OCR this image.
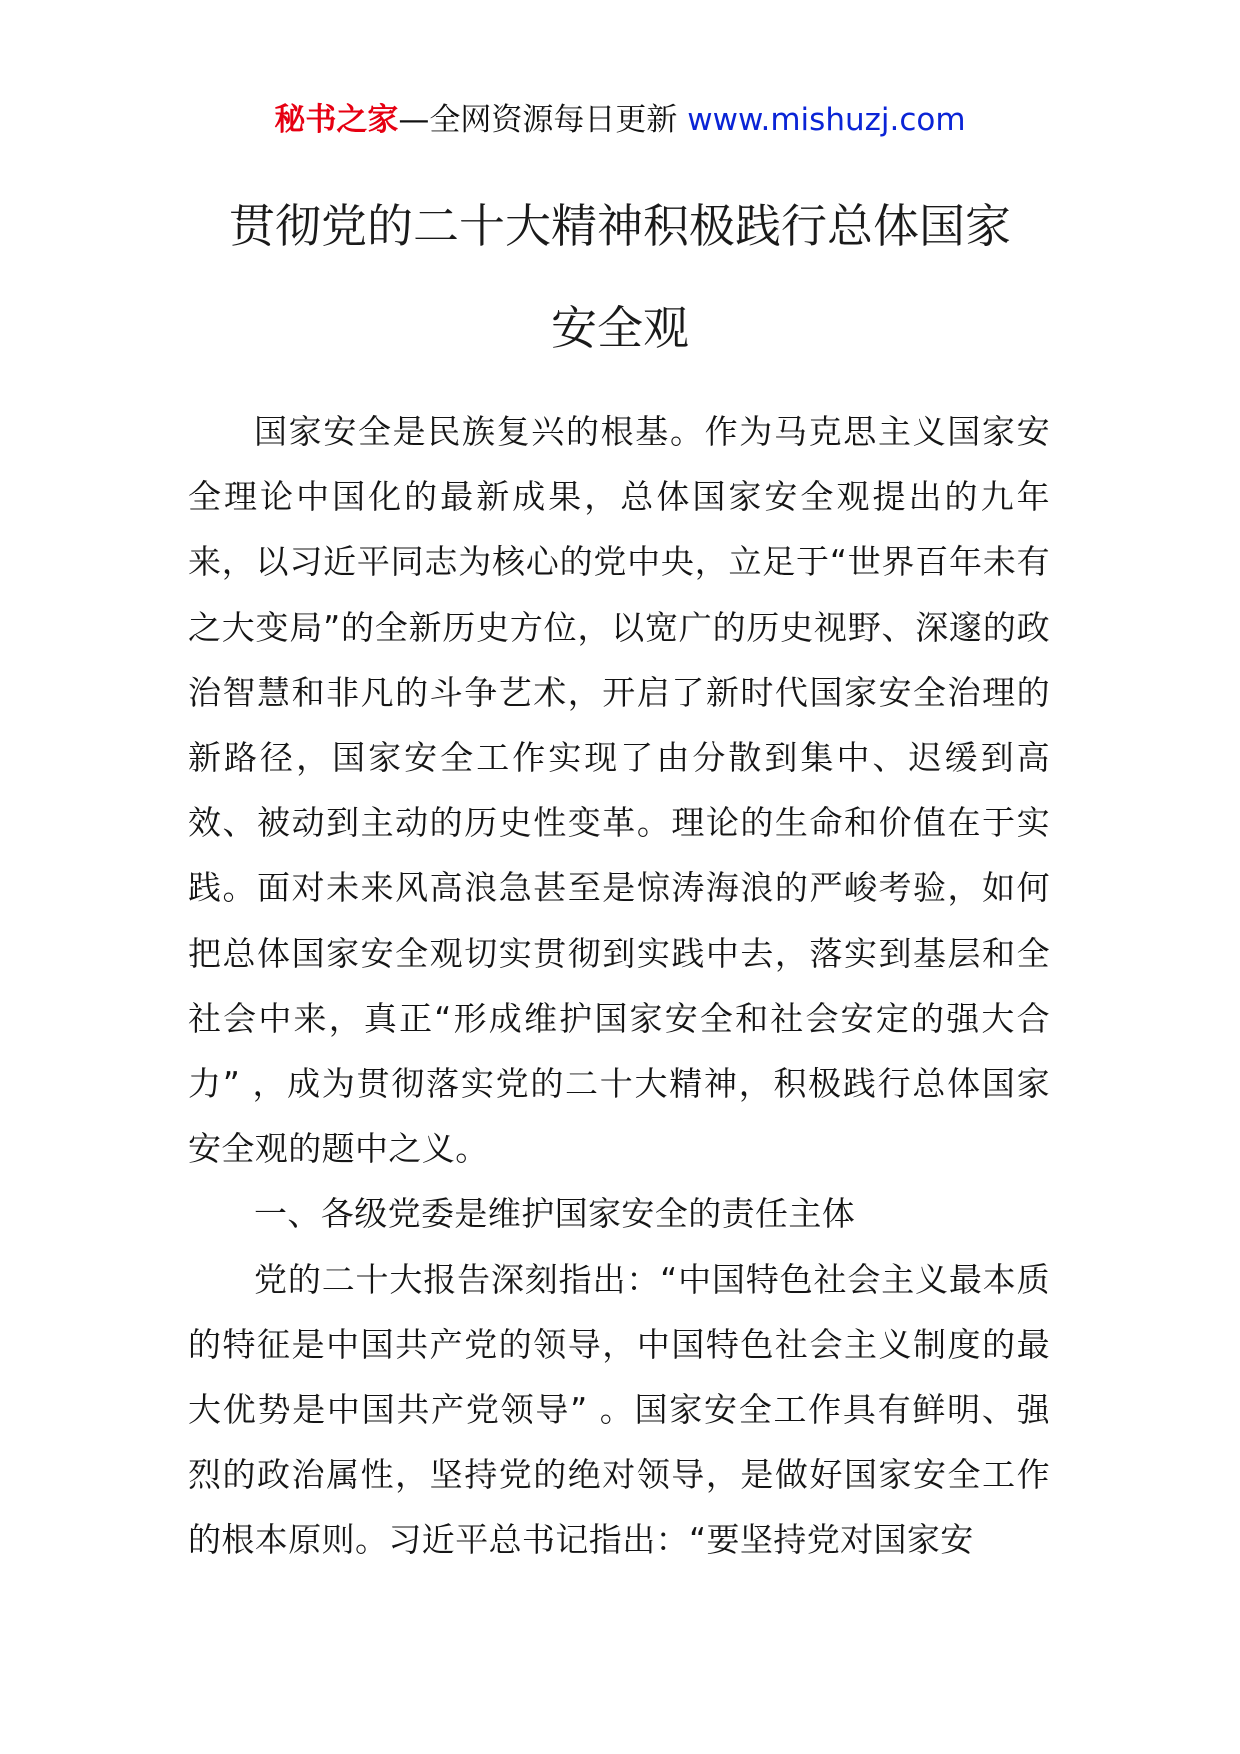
秘书之家—全网资源每日更新 www.mishuzj.com
贯彻党的二十大精神积极践行总体国家
安全观

国家安全是民族复兴的根基。作为马克思主义国家安全理论中国化的最新成果，总体国家安全观提出的九年来，以习近平同志为核心的党中央，立足于“世界百年未有之大变局”的全新历史方位，以宽广的历史视野、深邃的政治智慧和非凡的斗争艺术，开启了新时代国家安全治理的新路径，国家安全工作实现了由分散到集中、迟缓到高效、被动到主动的历史性变革。理论的生命和价值在于实践。面对未来风高浪急甚至是惊涛海浪的严峻考验，如何把总体国家安全观切实贯彻到实践中去，落实到基层和全社会中来，真正“形成维护国家安全和社会安定的强大合力” ，成为贯彻落实党的二十大精神，积极践行总体国家安全观的题中之义。

一、各级党委是维护国家安全的责任主体

党的二十大报告深刻指出：“中国特色社会主义最本质的特征是中国共产党的领导，中国特色社会主义制度的最大优势是中国共产党领导” 。国家安全工作具有鲜明、强烈的政治属性，坚持党的绝对领导，是做好国家安全工作的根本原则。习近平总书记指出：“要坚持党对国家安
